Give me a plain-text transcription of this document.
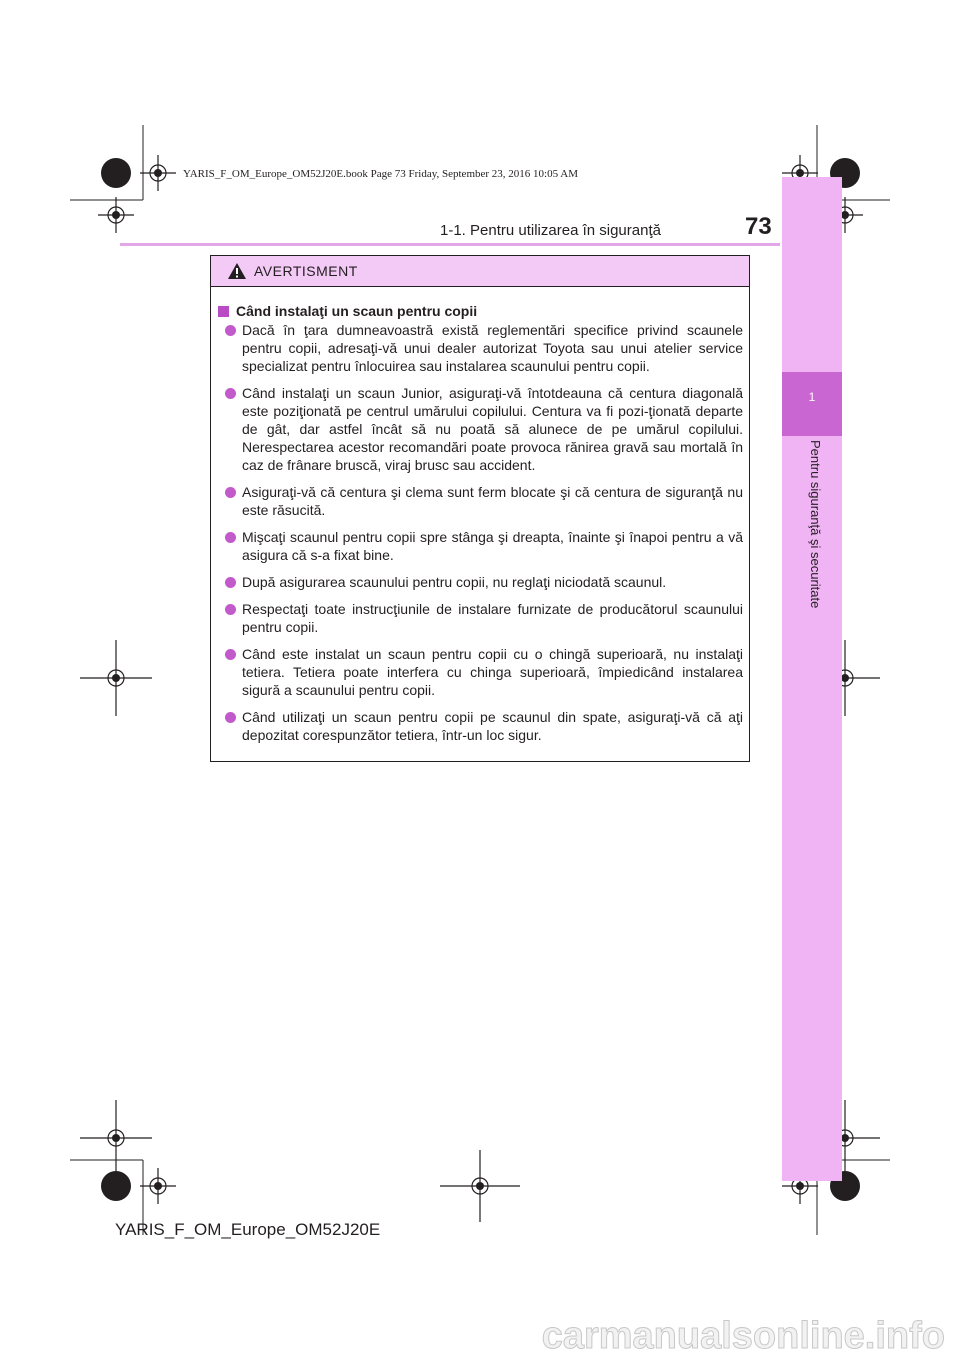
1
Pentru siguranţă şi securitate
YARIS_F_OM_Europe_OM52J20E.book Page 73 Friday, September 23, 2016 10:05 AM
1-1. Pentru utilizarea în siguranţă	73
AVERTISMENT
Când instalaţi un scaun pentru copii
Dacă în ţara dumneavoastră există reglementări specifice privind scaunele pentru copii, adresaţi-vă unui dealer autorizat Toyota sau unui atelier service specializat pentru înlocuirea sau instalarea scaunului pentru copii.
Când instalaţi un scaun Junior, asiguraţi-vă întotdeauna că centura diagonală este poziţionată pe centrul umărului copilului. Centura va fi pozi-ţionată departe de gât, dar astfel încât să nu poată să alunece de pe umărul copilului. Nerespectarea acestor recomandări poate provoca rănirea gravă sau mortală în caz de frânare bruscă, viraj brusc sau accident.
Asiguraţi-vă că centura şi clema sunt ferm blocate şi că centura de siguranţă nu este răsucită.
Mişcaţi scaunul pentru copii spre stânga şi dreapta, înainte şi înapoi pentru a vă asigura că s-a fixat bine.
După asigurarea scaunului pentru copii, nu reglaţi niciodată scaunul.
Respectaţi toate instrucţiunile de instalare furnizate de producătorul scaunului pentru copii.
Când este instalat un scaun pentru copii cu o chingă superioară, nu instalaţi tetiera. Tetiera poate interfera cu chinga superioară, împiedicând instalarea sigură a scaunului pentru copii.
Când utilizaţi un scaun pentru copii pe scaunul din spate, asiguraţi-vă că aţi depozitat corespunzător tetiera, într-un loc sigur.
YARIS_F_OM_Europe_OM52J20E
carmanualsonline.info
